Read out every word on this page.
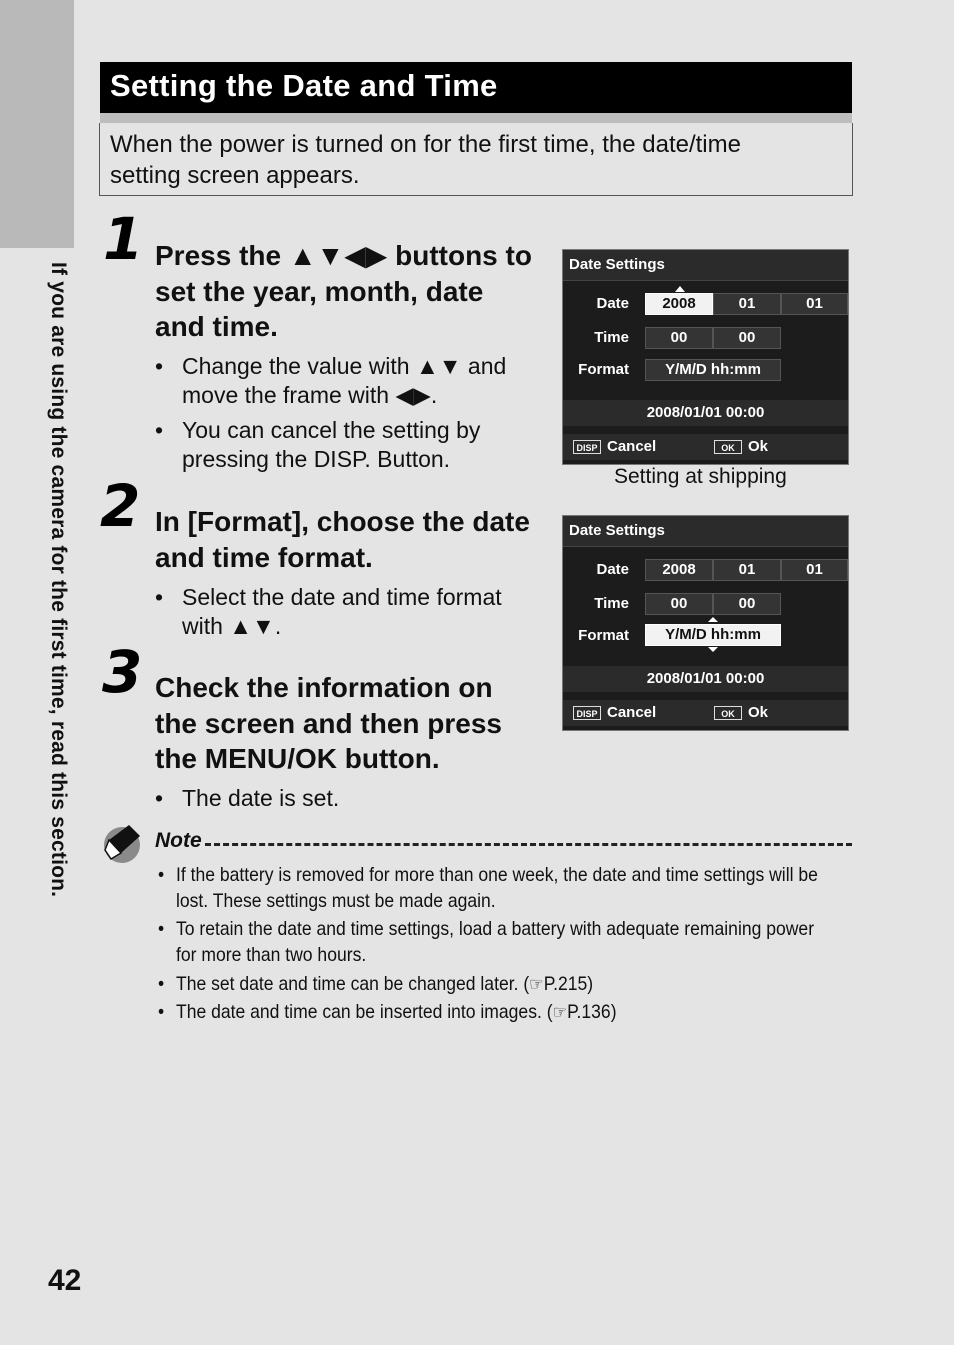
If you are using the camera for the first time, read this section.
Setting the Date and Time

When the power is turned on for the first time, the date/time
setting screen appears.

1 Press the ▲▼◀▶ buttons to
set the year, month, date
and time.
• Change the value with ▲▼ and
move the frame with ◀▶.
• You can cancel the setting by
pressing the DISP. Button.
2 In [Format], choose the date
and time format.
• Select the date and time format
with ▲▼.
3 Check the information on
the screen and then press
the MENU/OK button.
• The date is set.
Date Settings
Date	2008	01	01
Time	00	00
Format	Y/M/D hh:mm
2008/01/01 00:00
DISP Cancel	OK Ok
Setting at shipping
Date Settings
Date	2008	01	01
Time	00	00
Format	Y/M/D hh:mm
2008/01/01 00:00
DISP Cancel	OK Ok
Note
• If the battery is removed for more than one week, the date and time settings will be
lost. These settings must be made again.
• To retain the date and time settings, load a battery with adequate remaining power
for more than two hours.
• The set date and time can be changed later. (☞P.215)
• The date and time can be inserted into images. (☞P.136)
42
